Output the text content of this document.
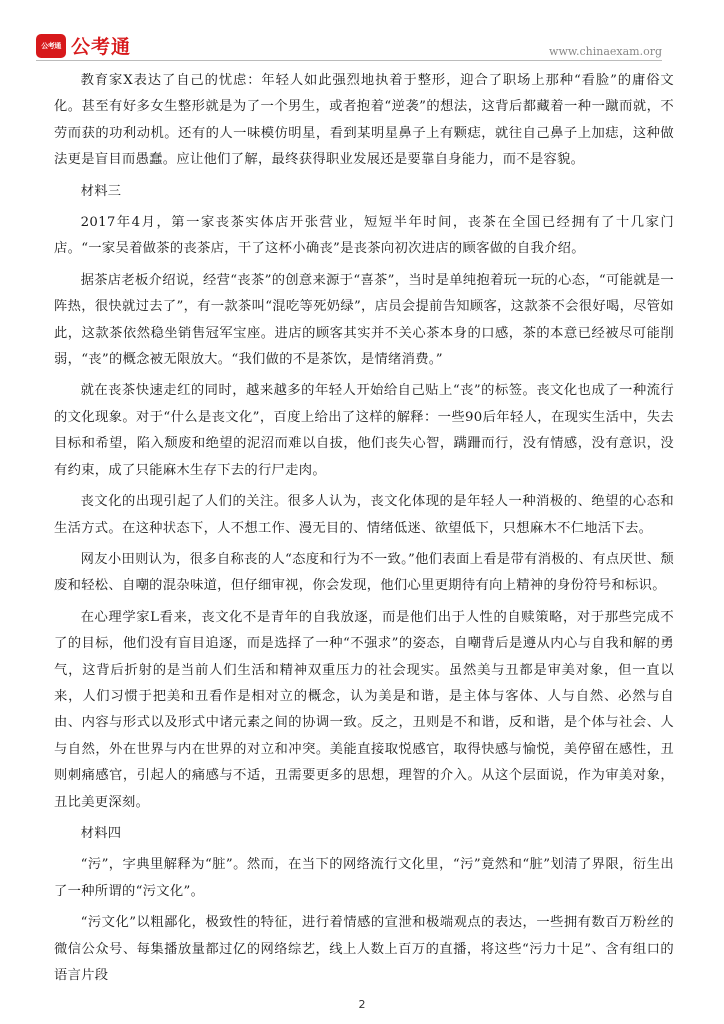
公考通 公考通	www.chinaexam.org

教育家X表达了自己的忧虑：年轻人如此强烈地执着于整形，迎合了职场上那种“看脸”的庸俗文化。甚至有好多女生整形就是为了一个男生，或者抱着“逆袭”的想法，这背后都藏着一种一蹴而就，不劳而获的功利动机。还有的人一味模仿明星，看到某明星鼻子上有颗痣，就往自己鼻子上加痣，这种做法更是盲目而愚蠢。应让他们了解，最终获得职业发展还是要靠自身能力，而不是容貌。

材料三

2017年4月，第一家丧茶实体店开张营业，短短半年时间，丧茶在全国已经拥有了十几家门店。“一家吴着做茶的丧茶店，干了这杯小确丧”是丧茶向初次进店的顾客做的自我介绍。

据茶店老板介绍说，经营“丧茶”的创意来源于“喜茶”，当时是单纯抱着玩一玩的心态，“可能就是一阵热，很快就过去了”，有一款茶叫“混吃等死奶绿”，店员会提前告知顾客，这款茶不会很好喝，尽管如此，这款茶依然稳坐销售冠军宝座。进店的顾客其实并不关心茶本身的口感，茶的本意已经被尽可能削弱，“丧”的概念被无限放大。“我们做的不是茶饮，是情绪消费。”

就在丧茶快速走红的同时，越来越多的年轻人开始给自己贴上“丧”的标签。丧文化也成了一种流行的文化现象。对于“什么是丧文化”，百度上给出了这样的解释：一些90后年轻人，在现实生活中，失去目标和希望，陷入颓废和绝望的泥沼而难以自拔，他们丧失心智，蹒跚而行，没有情感，没有意识，没有约束，成了只能麻木生存下去的行尸走肉。

丧文化的出现引起了人们的关注。很多人认为，丧文化体现的是年轻人一种消极的、绝望的心态和生活方式。在这种状态下，人不想工作、漫无目的、情绪低迷、欲望低下，只想麻木不仁地活下去。

网友小田则认为，很多自称丧的人“态度和行为不一致。”他们表面上看是带有消极的、有点厌世、颓废和轻松、自嘲的混杂味道，但仔细审视，你会发现，他们心里更期待有向上精神的身份符号和标识。

在心理学家L看来，丧文化不是青年的自我放逐，而是他们出于人性的自赎策略，对于那些完成不了的目标，他们没有盲目追逐，而是选择了一种“不强求”的姿态，自嘲背后是遵从内心与自我和解的勇气，这背后折射的是当前人们生活和精神双重压力的社会现实。虽然美与丑都是审美对象，但一直以来，人们习惯于把美和丑看作是相对立的概念，认为美是和谐，是主体与客体、人与自然、必然与自由、内容与形式以及形式中诸元素之间的协调一致。反之，丑则是不和谐，反和谐，是个体与社会、人与自然，外在世界与内在世界的对立和冲突。美能直接取悦感官，取得快感与愉悦，美停留在感性，丑则刺痛感官，引起人的痛感与不适，丑需要更多的思想，理智的介入。从这个层面说，作为审美对象，丑比美更深刻。

材料四

“污”，字典里解释为“脏”。然而，在当下的网络流行文化里，“污”竟然和“脏”划清了界限，衍生出了一种所谓的“污文化”。

“污文化”以粗鄙化，极致性的特征，进行着情感的宣泄和极端观点的表达，一些拥有数百万粉丝的微信公众号、每集播放量都过亿的网络综艺，线上人数上百万的直播，将这些“污力十足”、含有组口的语言片段

2
